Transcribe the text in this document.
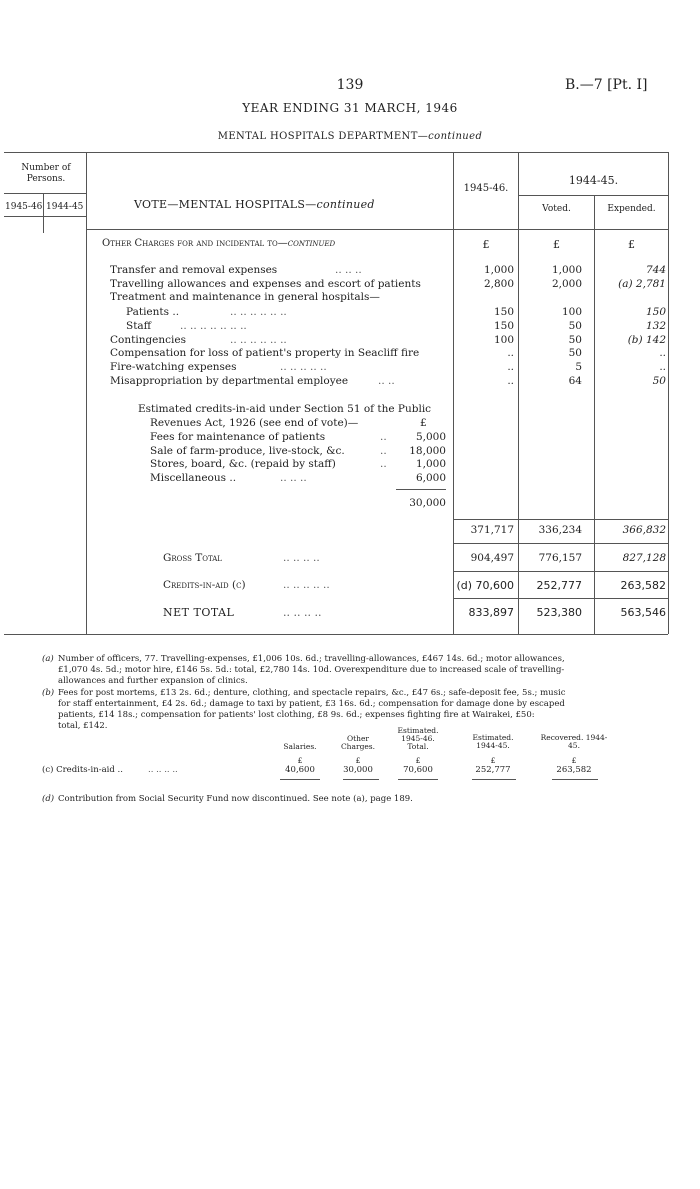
139	B.—7 [Pt. I]
YEAR ENDING 31 MARCH, 1946
MENTAL HOSPITALS DEPARTMENT—continued
Number of Persons.
1945-46 1944-45	VOTE—MENTAL HOSPITALS—continued
1945-46.
1944-45.
Voted.	Expended.
Other Charges for and incidental to—continued	£	£	£
Transfer and removal expenses	.. .. ..	1,000	1,000	744
Travelling allowances and expenses and escort of patients	2,800	2,000	(a) 2,781
Treatment and maintenance in general hospitals—
Patients ..	.. .. .. .. .. ..	150	100	150
Staff	.. .. .. .. .. .. ..	150	50	132
Contingencies	.. .. .. .. .. ..	100	50	(b) 142
Compensation for loss of patient's property in Seacliff fire	..	50	..
Fire-watching expenses	.. .. .. .. ..	..	5	..
Misappropriation by departmental employee	.. ..	..	64	50
Estimated credits-in-aid under Section 51 of the Public
Revenues Act, 1926 (see end of vote)—	£
Fees for maintenance of patients	..	5,000
Sale of farm-produce, live-stock, &c.	..	18,000
Stores, board, &c. (repaid by staff)	..	1,000
Miscellaneous ..	.. .. ..	6,000
30,000
371,717	336,234	366,832
Gross Total	.. .. .. ..	904,497	776,157	827,128
Credits-in-aid (c)	.. .. .. .. ..	(d) 70,600	252,777	263,582
NET TOTAL	.. .. .. ..	833,897	523,380	563,546
(a) Number of officers, 77. Travelling-expenses, £1,006 10s. 6d.; travelling-allowances, £467 14s. 6d.; motor allowances,
£1,070 4s. 5d.; motor hire, £146 5s. 5d.: total, £2,780 14s. 10d. Overexpenditure due to increased scale of travelling-
allowances and further expansion of clinics.
(b) Fees for post mortems, £13 2s. 6d.; denture, clothing, and spectacle repairs, &c., £47 6s.; safe-deposit fee, 5s.; music
for staff entertainment, £4 2s. 6d.; damage to taxi by patient, £3 16s. 6d.; compensation for damage done by escaped
patients, £14 18s.; compensation for patients' lost clothing, £8 9s. 6d.; expenses fighting fire at Wairakei, £50:
total, £142.
Salaries.
Other Charges.
Estimated. 1945-46. Total.
Estimated. 1944-45.
Recovered. 1944-45.
£	£	£	£	£
(c) Credits-in-aid ..	.. .. .. ..	40,600	30,000	70,600	252,777	263,582
(d) Contribution from Social Security Fund now discontinued. See note (a), page 189.
